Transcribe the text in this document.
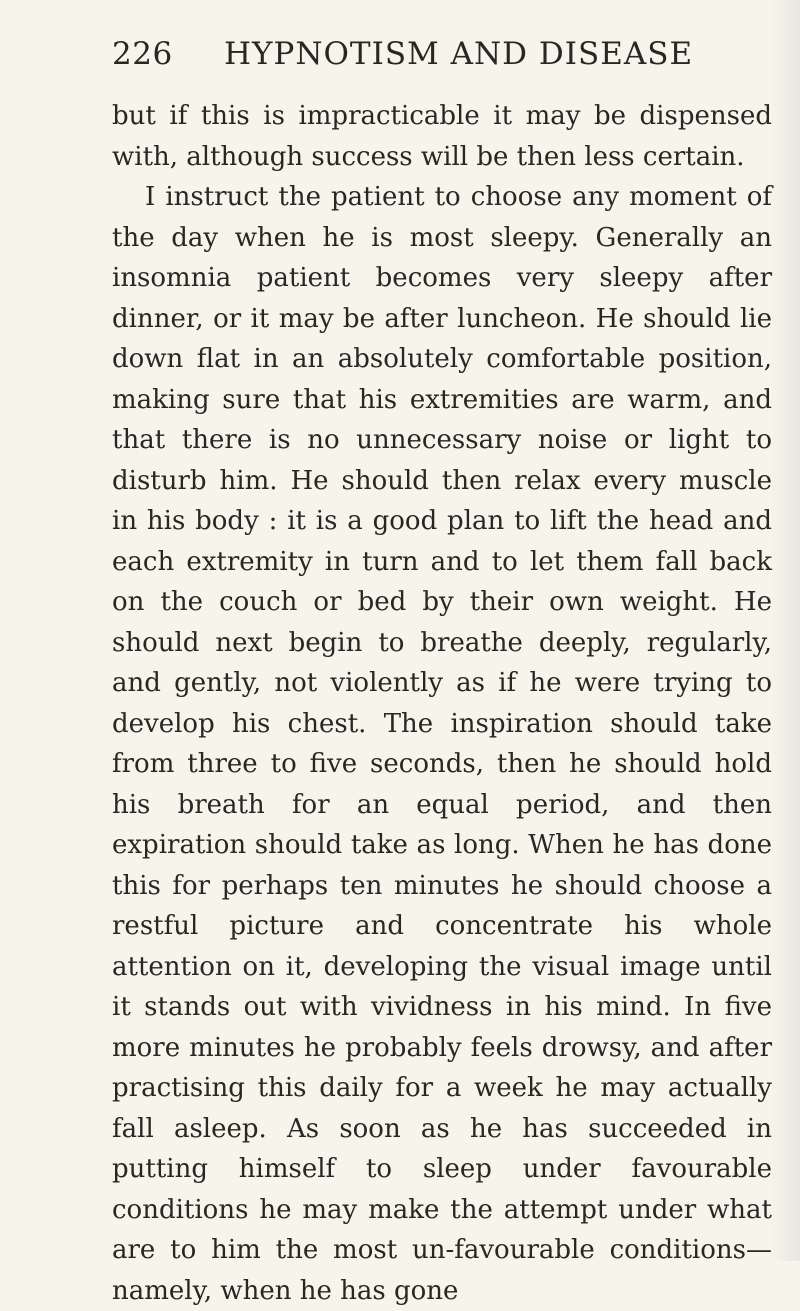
226 HYPNOTISM AND DISEASE

but if this is impracticable it may be dispensed with, although success will be then less certain.

I instruct the patient to choose any moment of the day when he is most sleepy. Generally an insomnia patient becomes very sleepy after dinner, or it may be after luncheon. He should lie down flat in an absolutely comfortable position, making sure that his extremities are warm, and that there is no unnecessary noise or light to disturb him. He should then relax every muscle in his body : it is a good plan to lift the head and each extremity in turn and to let them fall back on the couch or bed by their own weight. He should next begin to breathe deeply, regularly, and gently, not violently as if he were trying to develop his chest. The inspiration should take from three to five seconds, then he should hold his breath for an equal period, and then expiration should take as long. When he has done this for perhaps ten minutes he should choose a restful picture and concentrate his whole attention on it, developing the visual image until it stands out with vividness in his mind. In five more minutes he probably feels drowsy, and after practising this daily for a week he may actually fall asleep. As soon as he has succeeded in putting himself to sleep under favourable conditions he may make the attempt under what are to him the most un-favourable conditions—namely, when he has gone
